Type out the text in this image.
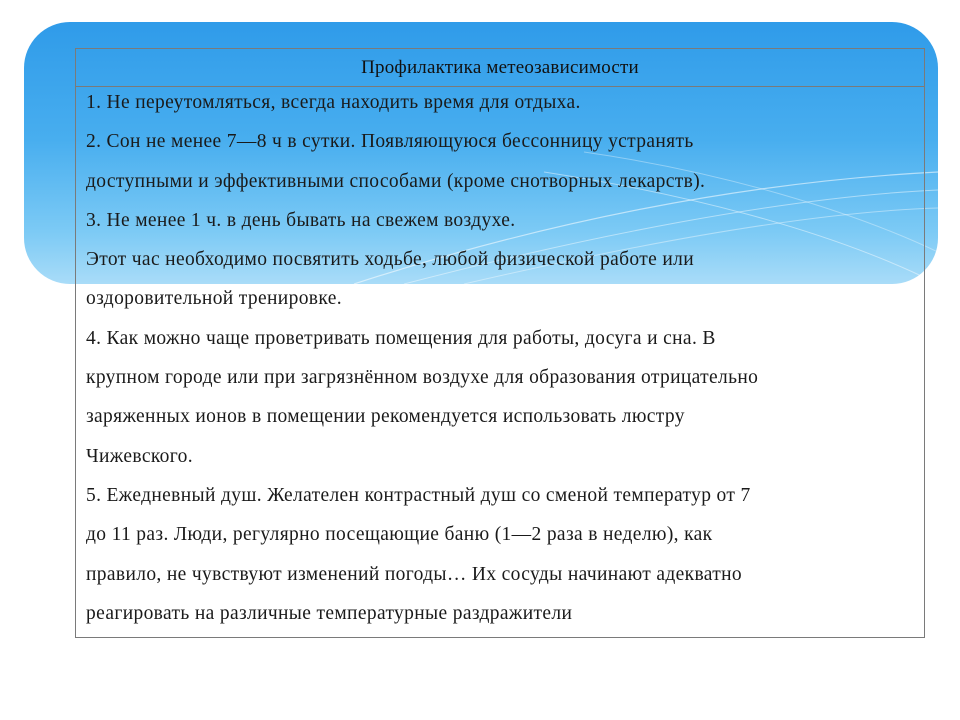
Профилактика метеозависимости
1. Не переутомляться, всегда находить время для отдыха.
2. Сон не менее 7—8 ч в сутки. Появляющуюся бессонницу устранять
доступными и эффективными способами (кроме снотворных лекарств).
3. Не менее 1 ч. в день бывать на свежем воздухе.
Этот час необходимо посвятить ходьбе, любой физической работе или
оздоровительной тренировке.
4. Как можно чаще проветривать помещения для работы, досуга и сна. В
крупном городе или при загрязнённом воздухе для образования отрицательно
заряженных ионов в помещении рекомендуется использовать люстру
Чижевского.
5. Ежедневный душ. Желателен контрастный душ со сменой температур от 7
до 11 раз. Люди, регулярно посещающие баню (1—2 раза в неделю), как
правило, не чувствуют изменений погоды… Их сосуды начинают адекватно
реагировать на различные температурные раздражители
